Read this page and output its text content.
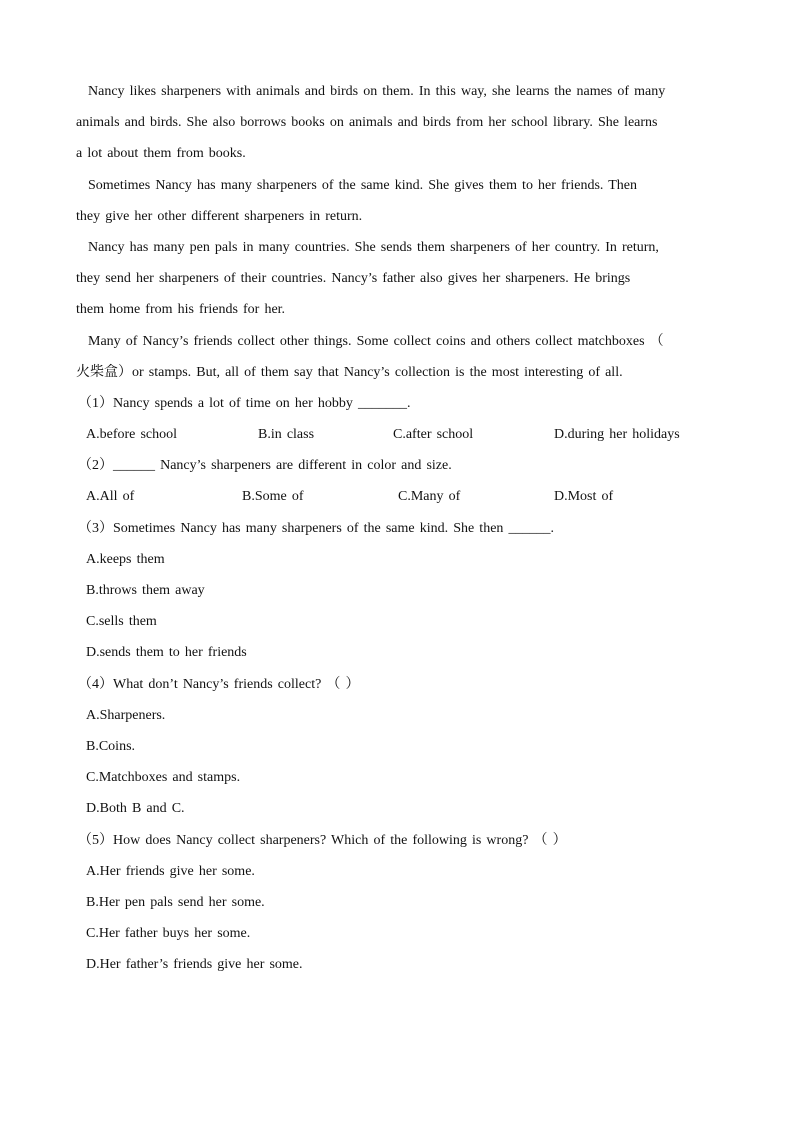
Nancy likes sharpeners with animals and birds on them. In this way, she learns the names of many
animals and birds. She also borrows books on animals and birds from her school library. She learns
a lot about them from books.
Sometimes Nancy has many sharpeners of the same kind. She gives them to her friends. Then
they give her other different sharpeners in return.
Nancy has many pen pals in many countries. She sends them sharpeners of her country. In return,
they send her sharpeners of their countries. Nancy’s father also gives her sharpeners. He brings
them home from his friends for her.
Many of Nancy’s friends collect other things. Some collect coins and others collect matchboxes （
火柴盒）or stamps. But, all of them say that Nancy’s collection is the most interesting of all.
（1）Nancy spends a lot of time on her hobby _______.
A.before school	B.in class	C.after school	D.during her holidays
（2）______ Nancy’s sharpeners are different in color and size.
A.All of	B.Some of	C.Many of	D.Most of
（3）Sometimes Nancy has many sharpeners of the same kind. She then ______.
A.keeps them
B.throws them away
C.sells them
D.sends them to her friends
（4）What don’t Nancy’s friends collect? （ ）
A.Sharpeners.
B.Coins.
C.Matchboxes and stamps.
D.Both B and C.
（5）How does Nancy collect sharpeners? Which of the following is wrong? （ ）
A.Her friends give her some.
B.Her pen pals send her some.
C.Her father buys her some.
D.Her father’s friends give her some.
